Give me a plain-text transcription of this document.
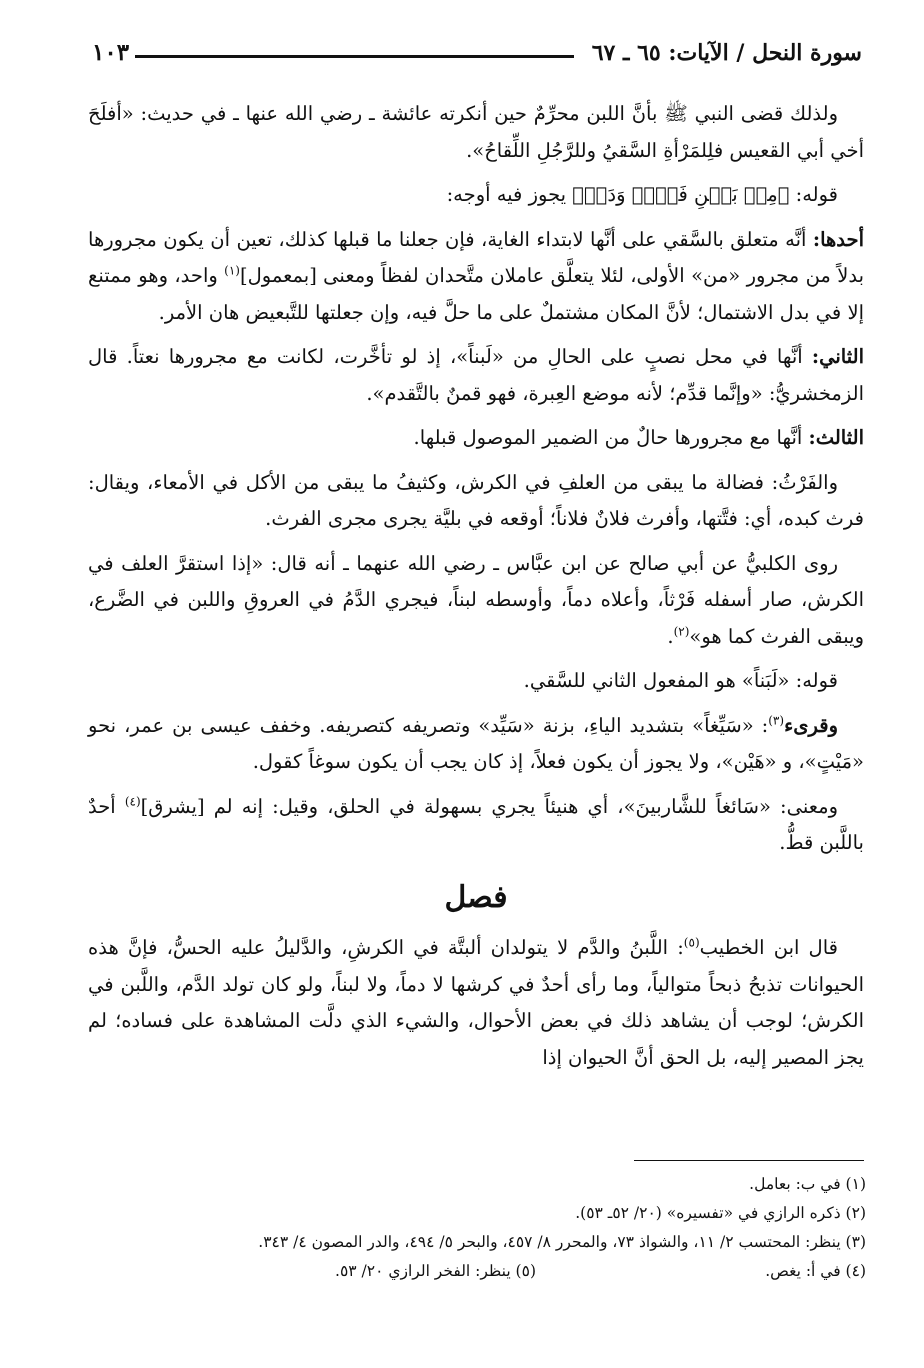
سورة النحل / الآيات: ٦٥ ـ ٦٧
١٠٣

ولذلك قضى النبي ﷺ بأنَّ اللبن محرِّمٌ حين أنكرته عائشة ـ رضي الله عنها ـ في حديث: «أفلَحَ أخي أبي القعيس فلِلمَرْأةِ السَّقيُ وللرَّجُلِ اللِّقاحُ».

قوله: ﴿مِنۢ بَيۡنِ فَرۡثٖ وَدَمٖ﴾ يجوز فيه أوجه:

أحدها: أنَّه متعلق بالسَّقي على أنَّها لابتداء الغاية، فإن جعلنا ما قبلها كذلك، تعين أن يكون مجرورها بدلاً من مجرور «من» الأولى، لئلا يتعلَّق عاملان متَّحدان لفظاً ومعنى [بمعمول]$^{(١)}$ واحد، وهو ممتنع إلا في بدل الاشتمال؛ لأنَّ المكان مشتملٌ على ما حلَّ فيه، وإن جعلتها للتَّبعيض هان الأمر.

الثاني: أنَّها في محل نصبٍ على الحالِ من «لَبناً»، إذ لو تأخَّرت، لكانت مع مجرورها نعتاً. قال الزمخشريُّ: «وإنَّما قدِّم؛ لأنه موضع العِبرة، فهو قمنٌ بالتَّقدم».

الثالث: أنَّها مع مجرورها حالٌ من الضمير الموصول قبلها.

والفَرْثُ: فضالة ما يبقى من العلفِ في الكرش، وكثيفُ ما يبقى من الأكل في الأمعاء، ويقال: فرث كبده، أي: فتَّتها، وأفرث فلانٌ فلاناً؛ أوقعه في بليَّة يجرى مجرى الفرث.

روى الكلبيُّ عن أبي صالح عن ابن عبَّاس ـ رضي الله عنهما ـ أنه قال: «إذا استقرَّ العلف في الكرش، صار أسفله فَرْثاً، وأعلاه دماً، وأوسطه لبناً، فيجري الدَّمُ في العروقِ واللبن في الضَّرع، ويبقى الفرث كما هو»$^{(٢)}$.

قوله: «لَبَناً» هو المفعول الثاني للسَّقي.

وقرىء$^{(٣)}$: «سَيِّغاً» بتشديد الياءِ، بزنة «سَيِّد» وتصريفه كتصريفه. وخفف عيسى بن عمر، نحو «مَيْتٍ»، و «هَيْن»، ولا يجوز أن يكون فعلاً، إذ كان يجب أن يكون سوغاً كقول.

ومعنى: «سَائغاً للشَّاربينَ»، أي هنيئاً يجري بسهولة في الحلق، وقيل: إنه لم [يشرق]$^{(٤)}$ أحدٌ باللَّبن قطُّ.

فصل

قال ابن الخطيب$^{(٥)}$: اللَّبنُ والدَّم لا يتولدان ألبتَّة في الكرشِ، والدَّليلُ عليه الحسُّ، فإنَّ هذه الحيوانات تذبحُ ذبحاً متوالياً، وما رأى أحدٌ في كرشها لا دماً، ولا لبناً، ولو كان تولد الدَّم، واللَّبن في الكرش؛ لوجب أن يشاهد ذلك في بعض الأحوال، والشيء الذي دلَّت المشاهدة على فساده؛ لم يجز المصير إليه، بل الحق أنَّ الحيوان إذا

(١) في ب: بعامل.

(٢) ذكره الرازي في «تفسيره» (٢٠/ ٥٢ـ ٥٣).

(٣) ينظر: المحتسب ٢/ ١١، والشواذ ٧٣، والمحرر ٨/ ٤٥٧، والبحر ٥/ ٤٩٤، والدر المصون ٤/ ٣٤٣.

(٤) في أ: يغص.

(٥) ينظر: الفخر الرازي ٢٠/ ٥٣.
